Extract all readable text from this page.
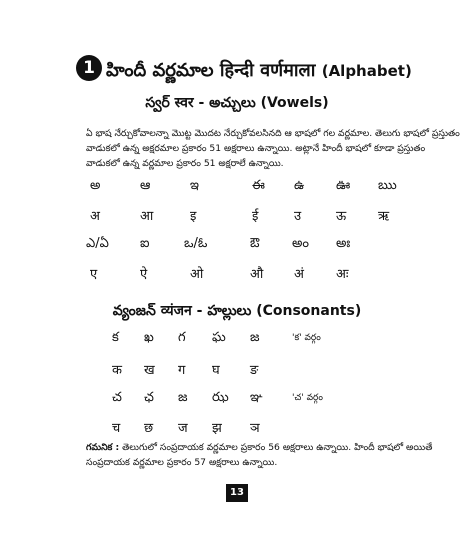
1 హిందీ వర్ణమాల हिन्दी वर्णमाला (Alphabet)
స్వర్ स्वर - అచ్చులు (Vowels)
ఏ భాష నేర్చుకోవాలన్నా మొట్ట మొదట నేర్చుకోవలసినది ఆ భాషలో గల వర్ణమాల. తెలుగు భాషలో ప్రస్తుతం
వాడుకలో ఉన్న అక్షరమాల ప్రకారం 51 అక్షరాలు ఉన్నాయి. అట్లానే హిందీ భాషలో కూడా ప్రస్తుతం
వాడుకలో ఉన్న వర్ణమాల ప్రకారం 51 అక్షరాలే ఉన్నాయి.
అ	ఆ	ఇ	ఈ ఉ ఊ ఋ
अ	आ	इ	ई	उ	ऊ ऋ
ఎ/ఏ ఐ	ఒ/ఓ	ఔ అం అః
ए	ऐ	ओ	औ अं अः
వ్యంజన్ व्यंजन - హల్లులు (Consonants)
క ఖ గ ఘ జ	'క' వర్గం
क ख ग घ ङ
చ ఛ జ ఝ ఞ	'చ' వర్గం
च छ ज झ ञ
గమనిక : తెలుగులో సంప్రదాయక వర్ణమాల ప్రకారం 56 అక్షరాలు ఉన్నాయి. హిందీ భాషలో అయితే
సంప్రదాయక వర్ణమాల ప్రకారం 57 అక్షరాలు ఉన్నాయి.
13
